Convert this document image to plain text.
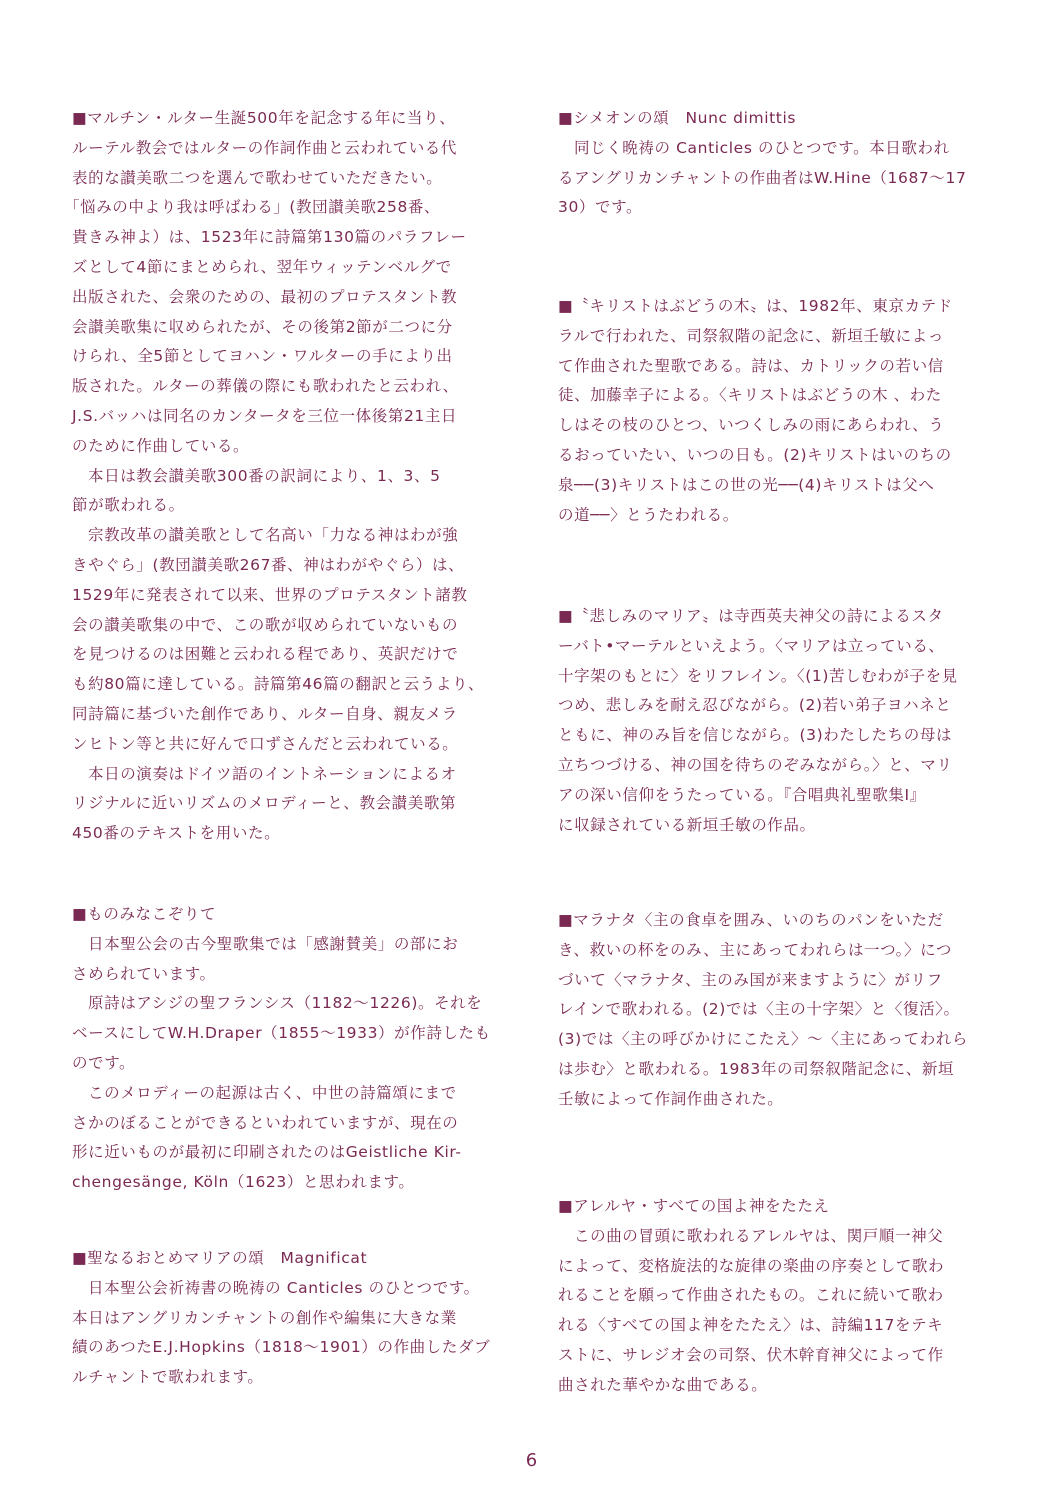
■マルチン・ルター生誕500年を記念する年に当り、
ルーテル教会ではルターの作詞作曲と云われている代
表的な讃美歌二つを選んで歌わせていただきたい。
「悩みの中より我は呼ばわる」(教団讃美歌258番、
貴きみ神よ）は、1523年に詩篇第130篇のパラフレー
ズとして4節にまとめられ、翌年ウィッテンベルグで
出版された、会衆のための、最初のプロテスタント教
会讃美歌集に収められたが、その後第2節が二つに分
けられ、全5節としてヨハン・ワルターの手により出
版された。ルターの葬儀の際にも歌われたと云われ、
J.S.バッハは同名のカンタータを三位一体後第21主日
のために作曲している。
本日は教会讃美歌300番の訳詞により、1、3、5
節が歌われる。
宗教改革の讃美歌として名高い「力なる神はわが強
きやぐら」(教団讃美歌267番、神はわがやぐら）は、
1529年に発表されて以来、世界のプロテスタント諸教
会の讃美歌集の中で、この歌が収められていないもの
を見つけるのは困難と云われる程であり、英訳だけで
も約80篇に達している。詩篇第46篇の翻訳と云うより、
同詩篇に基づいた創作であり、ルター自身、親友メラ
ンヒトン等と共に好んで口ずさんだと云われている。
本日の演奏はドイツ語のイントネーションによるオ
リジナルに近いリズムのメロディーと、教会讃美歌第
450番のテキストを用いた。
■ものみなこぞりて
日本聖公会の古今聖歌集では「感謝賛美」の部にお
さめられています。
原詩はアシジの聖フランシス（1182～1226)。それを
ベースにしてW.H.Draper（1855～1933）が作詩したも
のです。
このメロディーの起源は古く、中世の詩篇頌にまで
さかのぼることができるといわれていますが、現在の
形に近いものが最初に印刷されたのはGeistliche Kir-
chengesänge, Köln（1623）と思われます。
■聖なるおとめマリアの頌　Magnificat
日本聖公会祈祷書の晩祷の Canticles のひとつです。
本日はアングリカンチャントの創作や編集に大きな業
績のあつたE.J.Hopkins（1818～1901）の作曲したダブ
ルチャントで歌われます。
■シメオンの頌　Nunc dimittis
同じく晩祷の Canticles のひとつです。本日歌われ
るアングリカンチャントの作曲者はW.Hine（1687～17
30）です。
■〝キリストはぶどうの木〟は、1982年、東京カテド
ラルで行われた、司祭叙階の記念に、新垣壬敏によっ
て作曲された聖歌である。詩は、カトリックの若い信
徒、加藤幸子による。〈キリストはぶどうの木 、わた
しはその枝のひとつ、いつくしみの雨にあらわれ、う
るおっていたい、いつの日も。(2)キリストはいのちの
泉──(3)キリストはこの世の光──(4)キリストは父へ
の道──〉とうたわれる。
■〝悲しみのマリア〟は寺西英夫神父の詩によるスタ
ーバト•マーテルといえよう。〈マリアは立っている、
十字架のもとに〉をリフレイン。〈(1)苦しむわが子を見
つめ、悲しみを耐え忍びながら。(2)若い弟子ヨハネと
ともに、神のみ旨を信じながら。(3)わたしたちの母は
立ちつづける、神の国を待ちのぞみながら。〉と、マリ
アの深い信仰をうたっている。『合唱典礼聖歌集Ⅰ』
に収録されている新垣壬敏の作品。
■マラナタ〈主の食卓を囲み、いのちのパンをいただ
き、救いの杯をのみ、主にあってわれらは一つ。〉につ
づいて〈マラナタ、主のみ国が来ますように〉がリフ
レインで歌われる。(2)では〈主の十字架〉と〈復活〉。
(3)では〈主の呼びかけにこたえ〉～〈主にあってわれら
は歩む〉と歌われる。1983年の司祭叙階記念に、新垣
壬敏によって作詞作曲された。
■アレルヤ・すべての国よ神をたたえ
この曲の冒頭に歌われるアレルヤは、関戸順一神父
によって、変格旋法的な旋律の楽曲の序奏として歌わ
れることを願って作曲されたもの。これに続いて歌わ
れる〈すべての国よ神をたたえ〉は、詩編117をテキ
ストに、サレジオ会の司祭、伏木幹育神父によって作
曲された華やかな曲である。
6
